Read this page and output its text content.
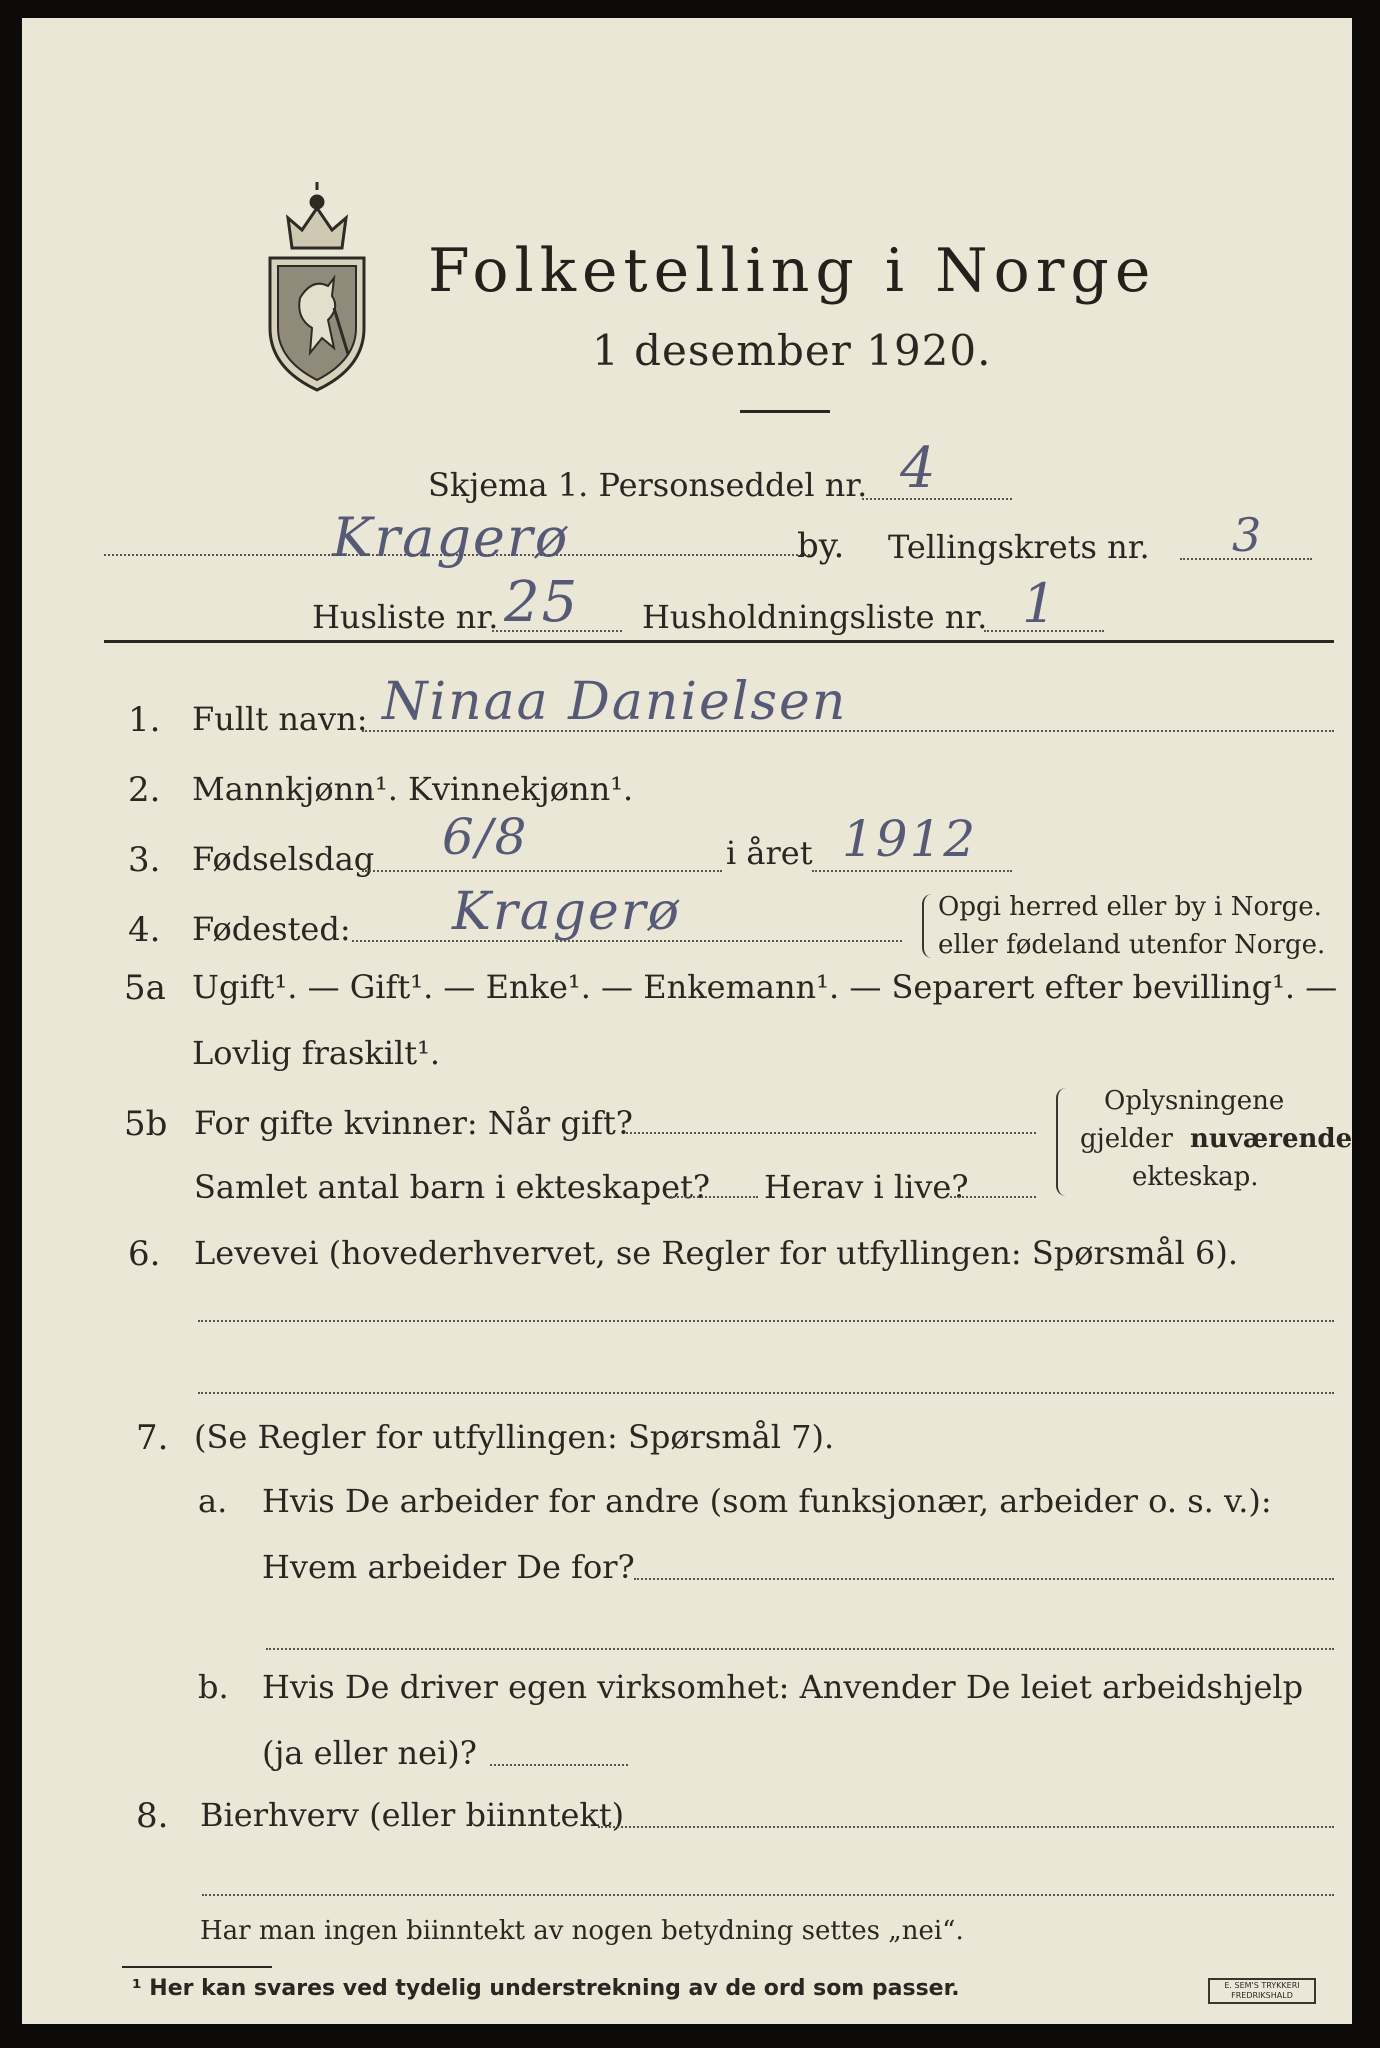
Folketelling i Norge
1 desember 1920.
Skjema 1. Personseddel nr. 4
Kragerø	by. Tellingskrets nr. 3
Husliste nr. 25 Husholdningsliste nr. 1
1. Fullt navn: Ninaa Danielsen
2. Mannkjønn¹. Kvinnekjønn¹.
3. Fødselsdag 6/8	i året 1912
4. Fødested: Kragerø	Opgi herred eller by i Norge.
eller fødeland utenfor Norge.
5a Ugift¹. — Gift¹. — Enke¹. — Enkemann¹. — Separert efter bevilling¹. —
Lovlig fraskilt¹.
5b For gifte kvinner: Når gift?
Samlet antal barn i ekteskapet? Herav i live?
Oplysningene
gjelder nuværende
ekteskap.
6. Levevei (hovederhvervet, se Regler for utfyllingen: Spørsmål 6).
7. (Se Regler for utfyllingen: Spørsmål 7).
a. Hvis De arbeider for andre (som funksjonær, arbeider o. s. v.):
Hvem arbeider De for?
b. Hvis De driver egen virksomhet: Anvender De leiet arbeidshjelp
(ja eller nei)?
8. Bierhverv (eller biinntekt)
Har man ingen biinntekt av nogen betydning settes „nei“.
¹ Her kan svares ved tydelig understrekning av de ord som passer.	E. SEM'S TRYKKERI FREDRIKSHALD
